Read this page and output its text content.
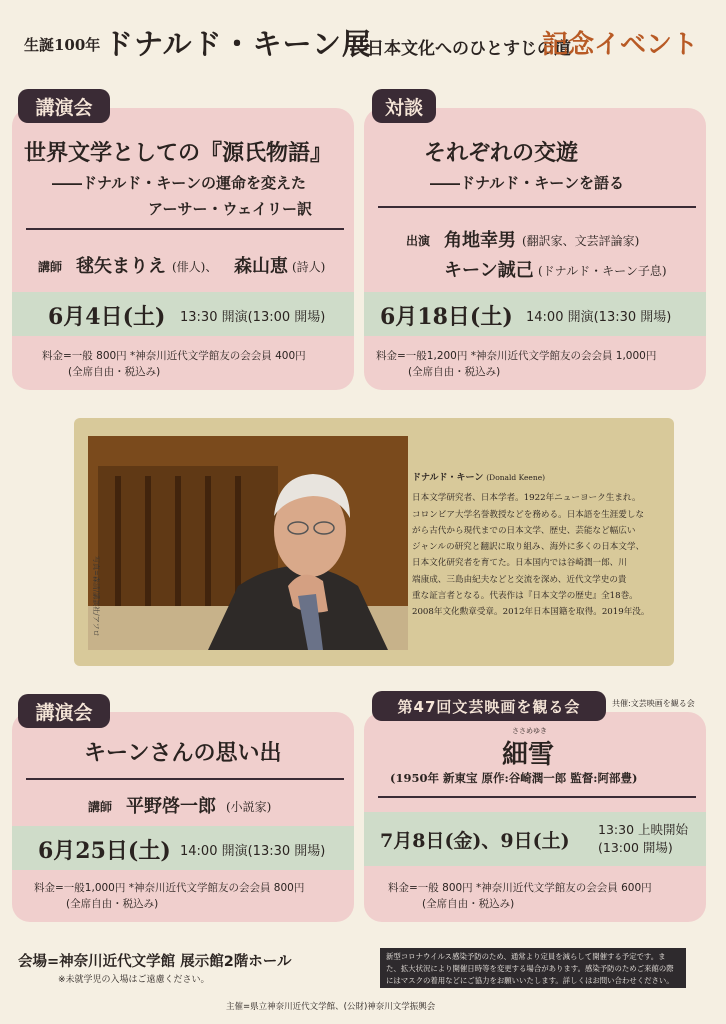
生誕100年 ドナルド・キーン展
―日本文化へのひとすじの道
記念イベント
講演会
世界文学としての『源氏物語』
――ドナルド・キーンの運命を変えた
アーサー・ウェイリー訳
講師 毬矢まりえ (俳人)、 森山恵 (詩人)
6月4日(土) 13:30 開演(13:00 開場)
料金=一般 800円 *神奈川近代文学館友の会会員 400円
(全席自由・税込み)
対談
それぞれの交遊
――ドナルド・キーンを語る
出演 角地幸男 (翻訳家、文芸評論家)
キーン誠己 (ドナルド・キーン子息)
6月18日(土) 14:00 開演(13:30 開場)
料金=一般1,200円 *神奈川近代文学館友の会会員 1,000円
(全席自由・税込み)
写真=森清/講談社/アフロ
ドナルド・キーン (Donald Keene)
日本文学研究者、日本学者。1922年ニューヨーク生まれ。
コロンビア大学名誉教授などを務める。日本語を生涯愛しな
がら古代から現代までの日本文学、歴史、芸能など幅広い
ジャンルの研究と翻訳に取り組み、海外に多くの日本文学、
日本文化研究者を育てた。日本国内では谷崎潤一郎、川
端康成、三島由紀夫などと交流を深め、近代文学史の貴
重な証言者となる。代表作は『日本文学の歴史』全18巻。
2008年文化勲章受章。2012年日本国籍を取得。2019年没。
講演会
キーンさんの思い出
講師 平野啓一郎 (小説家)
6月25日(土) 14:00 開演(13:30 開場)
料金=一般1,000円 *神奈川近代文学館友の会会員 800円
(全席自由・税込み)
第47回文芸映画を観る会	共催:文芸映画を観る会
ささめゆき
細雪
(1950年 新東宝 原作:谷崎潤一郎 監督:阿部豊)
7月8日(金)、9日(土)
13:30 上映開始
(13:00 開場)
料金=一般 800円 *神奈川近代文学館友の会会員 600円
(全席自由・税込み)
会場=神奈川近代文学館 展示館2階ホール
※未就学児の入場はご遠慮ください。
新型コロナウイルス感染予防のため、通常より定員を減らして開催する予定です。また、拡大状況により開催日時等を変更する場合があります。感染予防のためご来館の際にはマスクの着用などにご協力をお願いいたします。詳しくはお問い合わせください。
主催=県立神奈川近代文学館、(公財)神奈川文学振興会
